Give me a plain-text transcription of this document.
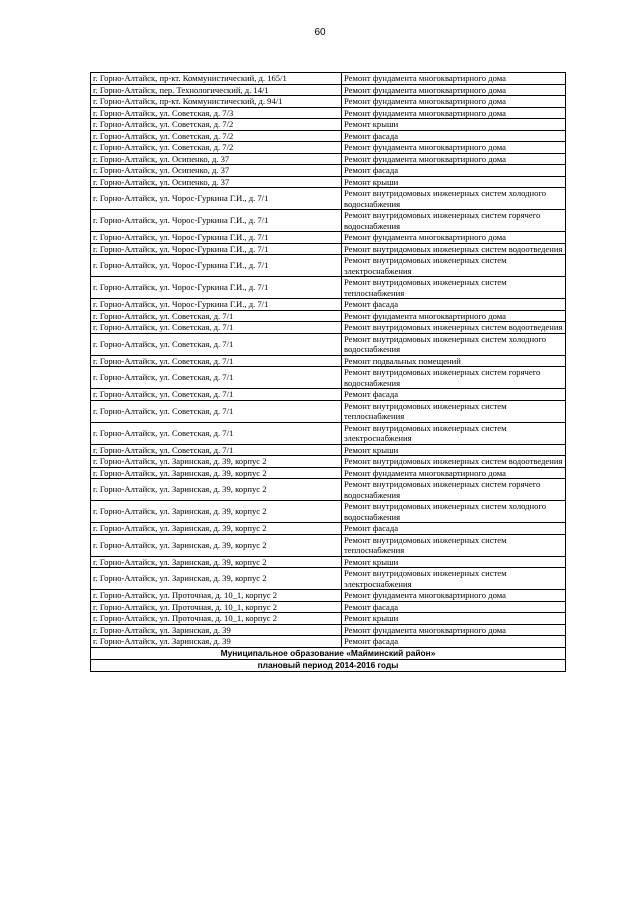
60
г. Горно-Алтайск, пр-кт. Коммунистический, д. 165/1	Ремонт фундамента многоквартирного дома
г. Горно-Алтайск, пер. Технологический, д. 14/1	Ремонт фундамента многоквартирного дома
г. Горно-Алтайск, пр-кт. Коммунистический, д. 94/1	Ремонт фундамента многоквартирного дома
г. Горно-Алтайск, ул. Советская, д. 7/3	Ремонт фундамента многоквартирного дома
г. Горно-Алтайск, ул. Советская, д. 7/2	Ремонт крыши
г. Горно-Алтайск, ул. Советская, д. 7/2	Ремонт фасада
г. Горно-Алтайск, ул. Советская, д. 7/2	Ремонт фундамента многоквартирного дома
г. Горно-Алтайск, ул. Осипенко, д. 37	Ремонт фундамента многоквартирного дома
г. Горно-Алтайск, ул. Осипенко, д. 37	Ремонт фасада
г. Горно-Алтайск, ул. Осипенко, д. 37	Ремонт крыши
г. Горно-Алтайск, ул. Чорос-Гуркина Г.И., д. 7/1	Ремонт внутридомовых инженерных систем холодного водоснабжения
г. Горно-Алтайск, ул. Чорос-Гуркина Г.И., д. 7/1	Ремонт внутридомовых инженерных систем горячего водоснабжения
г. Горно-Алтайск, ул. Чорос-Гуркина Г.И., д. 7/1	Ремонт фундамента многоквартирного дома
г. Горно-Алтайск, ул. Чорос-Гуркина Г.И., д. 7/1	Ремонт внутридомовых инженерных систем водоотведения
г. Горно-Алтайск, ул. Чорос-Гуркина Г.И., д. 7/1	Ремонт внутридомовых инженерных систем электроснабжения
г. Горно-Алтайск, ул. Чорос-Гуркина Г.И., д. 7/1	Ремонт внутридомовых инженерных систем теплоснабжения
г. Горно-Алтайск, ул. Чорос-Гуркина Г.И., д. 7/1	Ремонт фасада
г. Горно-Алтайск, ул. Советская, д. 7/1	Ремонт фундамента многоквартирного дома
г. Горно-Алтайск, ул. Советская, д. 7/1	Ремонт внутридомовых инженерных систем водоотведения
г. Горно-Алтайск, ул. Советская, д. 7/1	Ремонт внутридомовых инженерных систем холодного водоснабжения
г. Горно-Алтайск, ул. Советская, д. 7/1	Ремонт подвальных помещений
г. Горно-Алтайск, ул. Советская, д. 7/1	Ремонт внутридомовых инженерных систем горячего водоснабжения
г. Горно-Алтайск, ул. Советская, д. 7/1	Ремонт фасада
г. Горно-Алтайск, ул. Советская, д. 7/1	Ремонт внутридомовых инженерных систем теплоснабжения
г. Горно-Алтайск, ул. Советская, д. 7/1	Ремонт внутридомовых инженерных систем электроснабжения
г. Горно-Алтайск, ул. Советская, д. 7/1	Ремонт крыши
г. Горно-Алтайск, ул. Заринская, д. 39, корпус 2	Ремонт внутридомовых инженерных систем водоотведения
г. Горно-Алтайск, ул. Заринская, д. 39, корпус 2	Ремонт фундамента многоквартирного дома
г. Горно-Алтайск, ул. Заринская, д. 39, корпус 2	Ремонт внутридомовых инженерных систем горячего водоснабжения
г. Горно-Алтайск, ул. Заринская, д. 39, корпус 2	Ремонт внутридомовых инженерных систем холодного водоснабжения
г. Горно-Алтайск, ул. Заринская, д. 39, корпус 2	Ремонт фасада
г. Горно-Алтайск, ул. Заринская, д. 39, корпус 2	Ремонт внутридомовых инженерных систем теплоснабжения
г. Горно-Алтайск, ул. Заринская, д. 39, корпус 2	Ремонт крыши
г. Горно-Алтайск, ул. Заринская, д. 39, корпус 2	Ремонт внутридомовых инженерных систем электроснабжения
г. Горно-Алтайск, ул. Проточная, д. 10_1, корпус 2	Ремонт фундамента многоквартирного дома
г. Горно-Алтайск, ул. Проточная, д. 10_1, корпус 2	Ремонт фасада
г. Горно-Алтайск, ул. Проточная, д. 10_1, корпус 2	Ремонт крыши
г. Горно-Алтайск, ул. Заринская, д. 39	Ремонт фундамента многоквартирного дома
г. Горно-Алтайск, ул. Заринская, д. 39	Ремонт фасада
Муниципальное образование «Майминский район»	
плановый период 2014-2016 годы	
